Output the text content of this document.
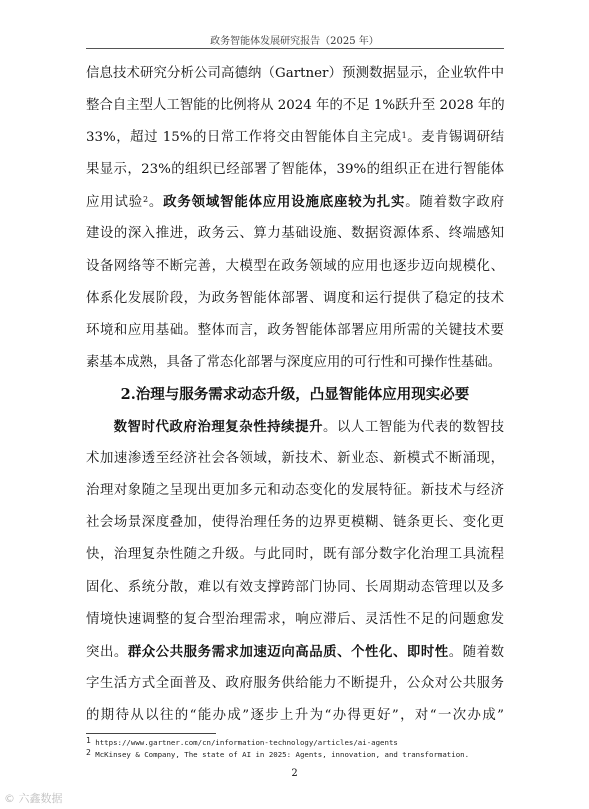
政务智能体发展研究报告（2025 年）
信息技术研究分析公司高德纳（Gartner）预测数据显示，企业软件中
整合自主型人工智能的比例将从 2024 年的不足 1%跃升至 2028 年的
33%，超过 15%的日常工作将交由智能体自主完成$^1$。麦肯锡调研结
果显示，23%的组织已经部署了智能体，39%的组织正在进行智能体
应用试验$^2$。政务领域智能体应用设施底座较为扎实。随着数字政府
建设的深入推进，政务云、算力基础设施、数据资源体系、终端感知
设备网络等不断完善，大模型在政务领域的应用也逐步迈向规模化、
体系化发展阶段，为政务智能体部署、调度和运行提供了稳定的技术
环境和应用基础。整体而言，政务智能体部署应用所需的关键技术要
素基本成熟，具备了常态化部署与深度应用的可行性和可操作性基础。
2.治理与服务需求动态升级，凸显智能体应用现实必要
数智时代政府治理复杂性持续提升。以人工智能为代表的数智技
术加速渗透至经济社会各领域，新技术、新业态、新模式不断涌现，
治理对象随之呈现出更加多元和动态变化的发展特征。新技术与经济
社会场景深度叠加，使得治理任务的边界更模糊、链条更长、变化更
快，治理复杂性随之升级。与此同时，既有部分数字化治理工具流程
固化、系统分散，难以有效支撑跨部门协同、长周期动态管理以及多
情境快速调整的复合型治理需求，响应滞后、灵活性不足的问题愈发
突出。群众公共服务需求加速迈向高品质、个性化、即时性。随着数
字生活方式全面普及、政府服务供给能力不断提升，公众对公共服务
的期待从以往的“能办成”逐步上升为“办得更好”，对“一次办成”
$^1$ https://www.gartner.com/cn/information-technology/articles/ai-agents
$^2$ McKinsey & Company, The state of AI in 2025: Agents, innovation, and transformation.
2
© 六鑫数据
